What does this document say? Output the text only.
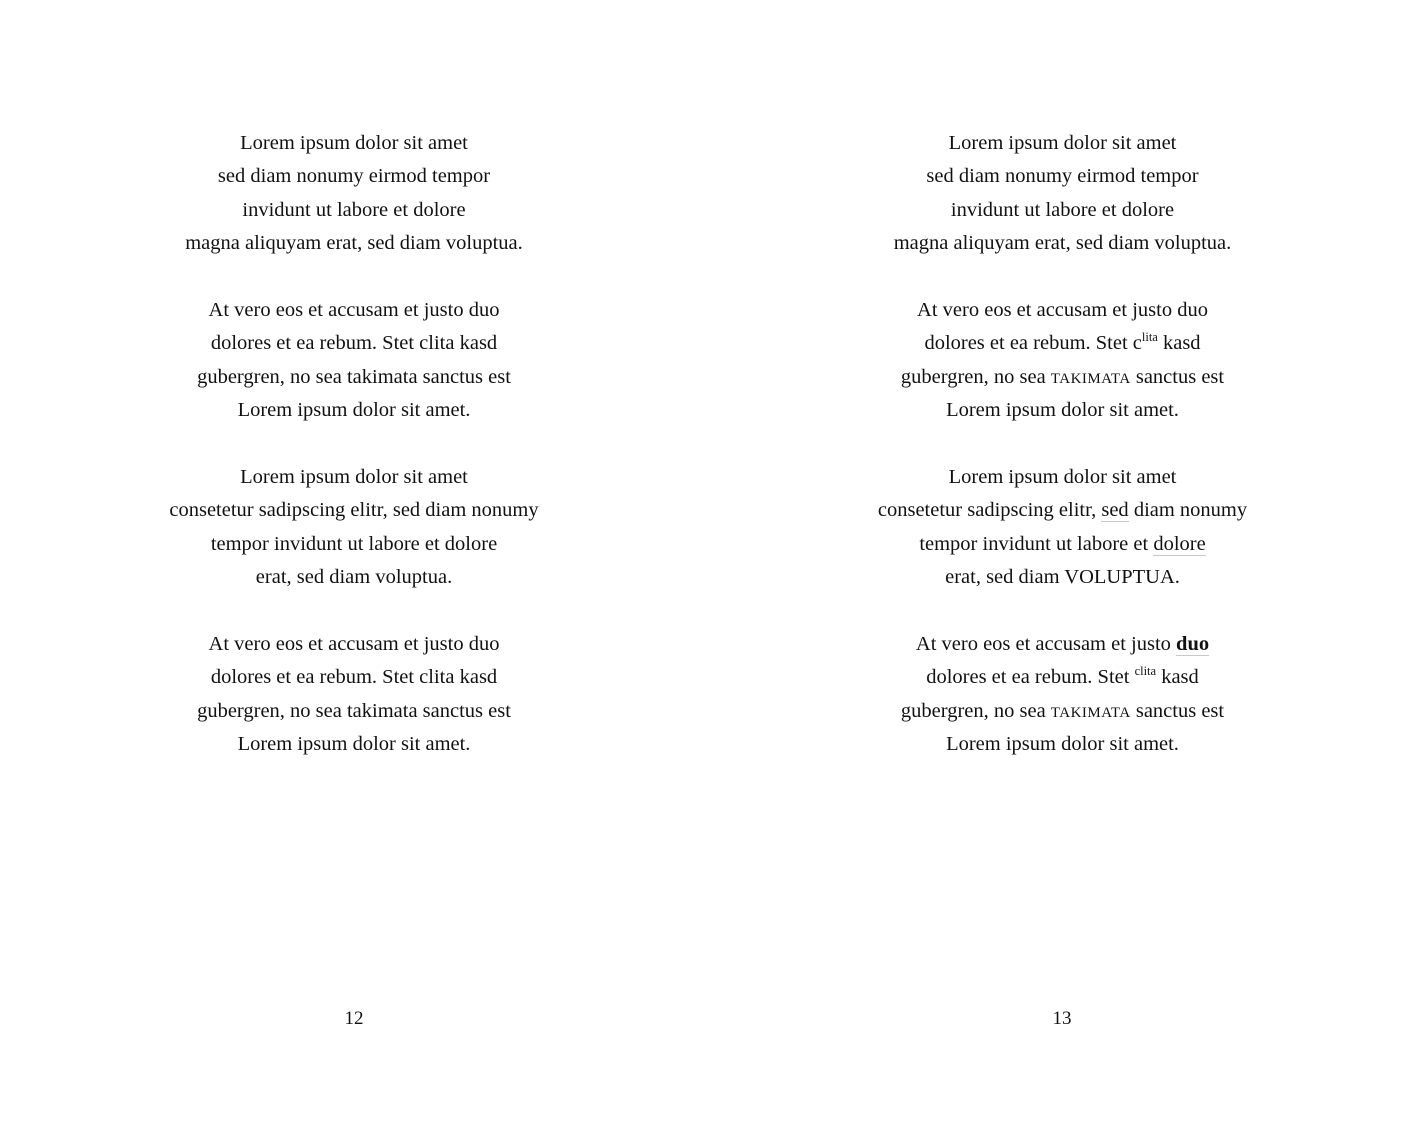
Lorem ipsum dolor sit amet
sed diam nonumy eirmod tempor
invidunt ut labore et dolore
magna aliquyam erat, sed diam voluptua.
At vero eos et accusam et justo duo
dolores et ea rebum. Stet clita kasd
gubergren, no sea takimata sanctus est
Lorem ipsum dolor sit amet.
Lorem ipsum dolor sit amet
consetetur sadipscing elitr, sed diam nonumy
tempor invidunt ut labore et dolore
erat, sed diam voluptua.
At vero eos et accusam et justo duo
dolores et ea rebum. Stet clita kasd
gubergren, no sea takimata sanctus est
Lorem ipsum dolor sit amet.
12
Lorem ipsum dolor sit amet
sed diam nonumy eirmod tempor
invidunt ut labore et dolore
magna aliquyam erat, sed diam voluptua.
At vero eos et accusam et justo duo
dolores et ea rebum. Stet $c^{lita}$ kasd
gubergren, no sea TAKIMATA sanctus est
Lorem ipsum dolor sit amet.
Lorem ipsum dolor sit amet
consetetur sadipscing elitr, sed diam nonumy
tempor invidunt ut labore et dolore
erat, sed diam VOLUPTUA.
At vero eos et accusam et justo duo
dolores et ea rebum. Stet $^{clita}$ kasd
gubergren, no sea TAKIMATA sanctus est
Lorem ipsum dolor sit amet.
13
